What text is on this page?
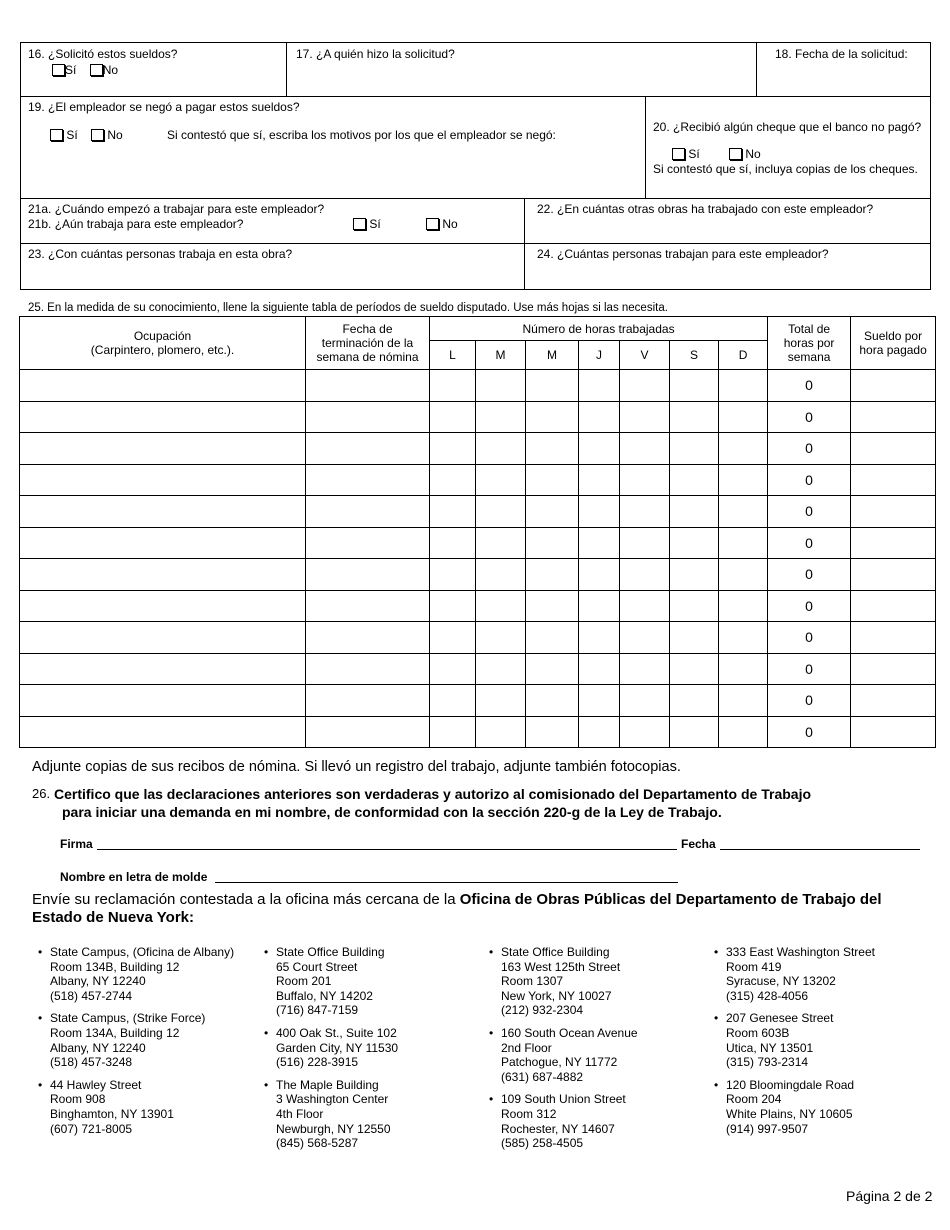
16. ¿Solicitó estos sueldos?
Sí No
17. ¿A quién hizo la solicitud?	18. Fecha de la solicitud:
19. ¿El empleador se negó a pagar estos sueldos?
Sí No	Si contestó que sí, escriba los motivos por los que el empleador se negó:
20. ¿Recibió algún cheque que el banco no pagó?
Sí	No
Si contestó que sí, incluya copias de los cheques.
21a. ¿Cuándo empezó a trabajar para este empleador?
21b. ¿Aún trabaja para este empleador?	Sí	No
22. ¿En cuántas otras obras ha trabajado con este empleador?
23. ¿Con cuántas personas trabaja en esta obra?	24. ¿Cuántas personas trabajan para este empleador?
25. En la medida de su conocimiento, llene la siguiente tabla de períodos de sueldo disputado. Use más hojas si las necesita.
Ocupación
(Carpintero, plomero, etc.).	Fecha de terminación de la semana de nómina	Número de horas trabajadas							Total de horas por semana	Sueldo por hora pagado
		L	M	M	J	V	S	D		
									0	
									0	
									0	
									0	
									0	
									0	
									0	
									0	
									0	
									0	
									0	
									0	
Adjunte copias de sus recibos de nómina. Si llevó un registro del trabajo, adjunte también fotocopias.
26. Certifico que las declaraciones anteriores son verdaderas y autorizo al comisionado del Departamento de Trabajo
para iniciar una demanda en mi nombre, de conformidad con la sección 220-g de la Ley de Trabajo.
Firma	Fecha
Nombre en letra de molde
Envíe su reclamación contestada a la oficina más cercana de la Oficina de Obras Públicas del Departamento de Trabajo del
Estado de Nueva York:
• State Campus, (Oficina de Albany)
Room 134B, Building 12
Albany, NY 12240
(518) 457-2744
• State Campus, (Strike Force)
Room 134A, Building 12
Albany, NY 12240
(518) 457-3248
• 44 Hawley Street
Room 908
Binghamton, NY 13901
(607) 721-8005
• State Office Building
65 Court Street
Room 201
Buffalo, NY 14202
(716) 847-7159
• 400 Oak St., Suite 102
Garden City, NY 11530
(516) 228-3915
• The Maple Building
3 Washington Center
4th Floor
Newburgh, NY 12550
(845) 568-5287
• State Office Building
163 West 125th Street
Room 1307
New York, NY 10027
(212) 932-2304
• 160 South Ocean Avenue
2nd Floor
Patchogue, NY 11772
(631) 687-4882
• 109 South Union Street
Room 312
Rochester, NY 14607
(585) 258-4505
• 333 East Washington Street
Room 419
Syracuse, NY 13202
(315) 428-4056
• 207 Genesee Street
Room 603B
Utica, NY 13501
(315) 793-2314
• 120 Bloomingdale Road
Room 204
White Plains, NY 10605
(914) 997-9507
Página 2 de 2
